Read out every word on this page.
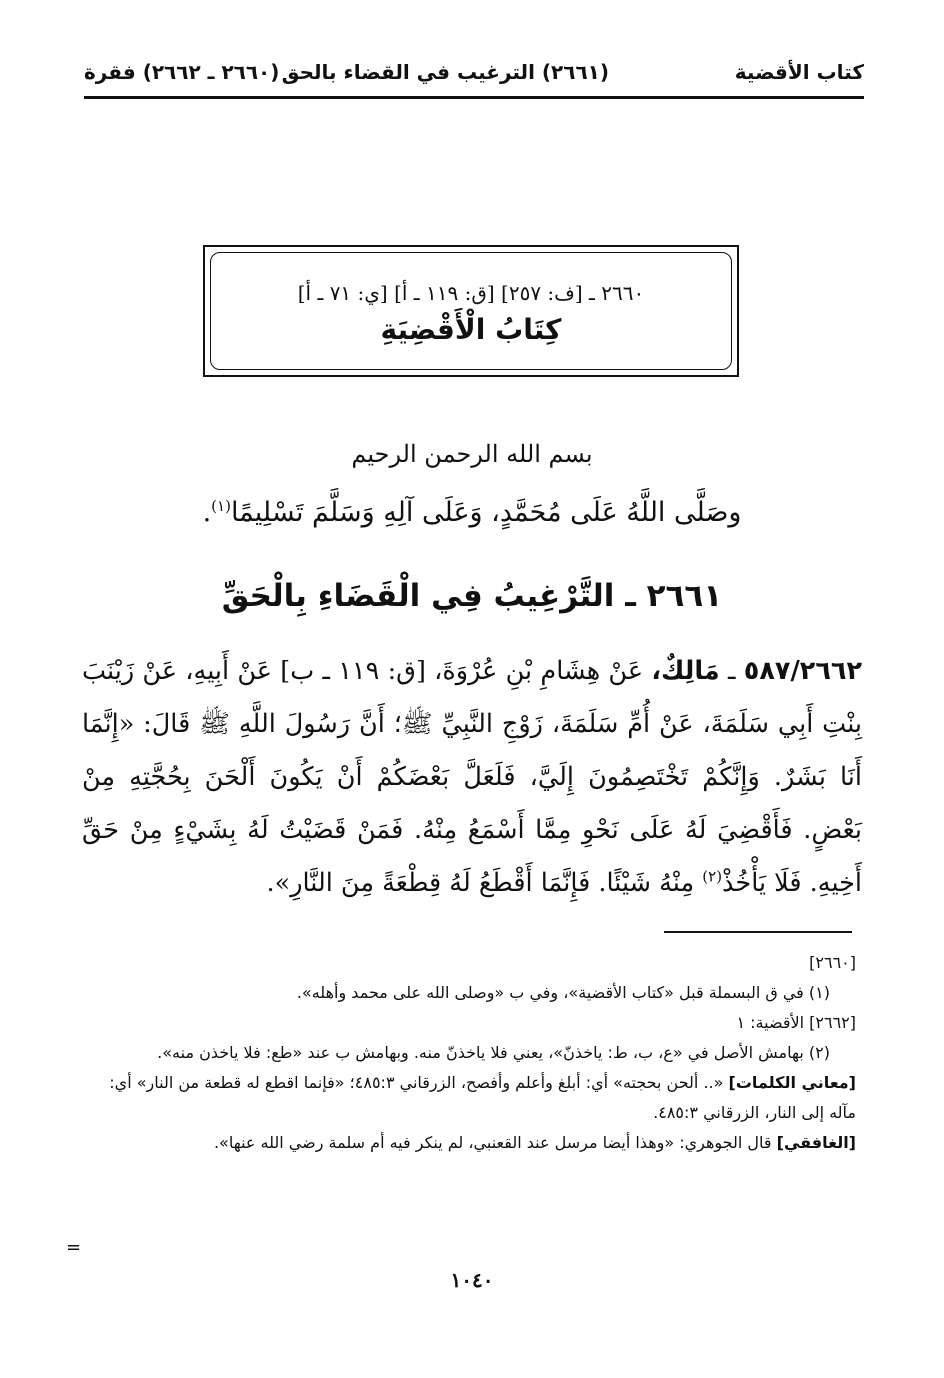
كتاب الأقضية
(٢٦٦١) الترغيب في القضاء بالحق
(٢٦٦٠ ـ ٢٦٦٢) فقرة
٢٦٦٠ ـ [ف: ٢٥٧] [ق: ١١٩ ـ أ] [ي: ٧١ ـ أ]
كِتَابُ الْأَقْضِيَةِ
بسم الله الرحمن الرحيم
وصَلَّى اللَّهُ عَلَى مُحَمَّدٍ، وَعَلَى آلِهِ وَسَلَّمَ تَسْلِيمًا$^{(١)}$.
٢٦٦١ ـ التَّرْغِيبُ فِي الْقَضَاءِ بِالْحَقِّ
٥٨٧/٢٦٦٢ ـ مَالِكٌ، عَنْ هِشَامِ بْنِ عُرْوَةَ، [ق: ١١٩ ـ ب] عَنْ أَبِيهِ، عَنْ زَيْنَبَ بِنْتِ أَبِي سَلَمَةَ، عَنْ أُمِّ سَلَمَةَ، زَوْجِ النَّبِيِّ ﷺ؛ أَنَّ رَسُولَ اللَّهِ ﷺ قَالَ: «إِنَّمَا أَنَا بَشَرٌ. وَإِنَّكُمْ تَخْتَصِمُونَ إِلَيَّ، فَلَعَلَّ بَعْضَكُمْ أَنْ يَكُونَ أَلْحَنَ بِحُجَّتِهِ مِنْ بَعْضٍ. فَأَقْضِيَ لَهُ عَلَى نَحْوِ مِمَّا أَسْمَعُ مِنْهُ. فَمَنْ قَضَيْتُ لَهُ بِشَيْءٍ مِنْ حَقِّ أَخِيهِ. فَلَا يَأْخُذْ$^{(٢)}$ مِنْهُ شَيْئًا. فَإِنَّمَا أَقْطَعُ لَهُ قِطْعَةً مِنَ النَّارِ».

[٢٦٦٠]

(١) في ق البسملة قبل «كتاب الأقضية»، وفي ب «وصلى الله على محمد وأهله».

[٢٦٦٢] الأقضية: ١

(٢) بهامش الأصل في «ع، ب، ط: ياخذنّ»، يعني فلا ياخذنّ منه. وبهامش ب عند «طع: فلا ياخذن منه».

[معاني الكلمات] «.. ألحن بحجته» أي: أبلغ وأعلم وأفصح، الزرقاني ٤٨٥:٣؛ «فإنما اقطع له قطعة من النار» أي: مآله إلى النار، الزرقاني ٤٨٥:٣.

[الغافقي] قال الجوهري: «وهذا أيضا مرسل عند القعنبي، لم ينكر فيه أم سلمة رضي الله عنها».

=
١٠٤٠
